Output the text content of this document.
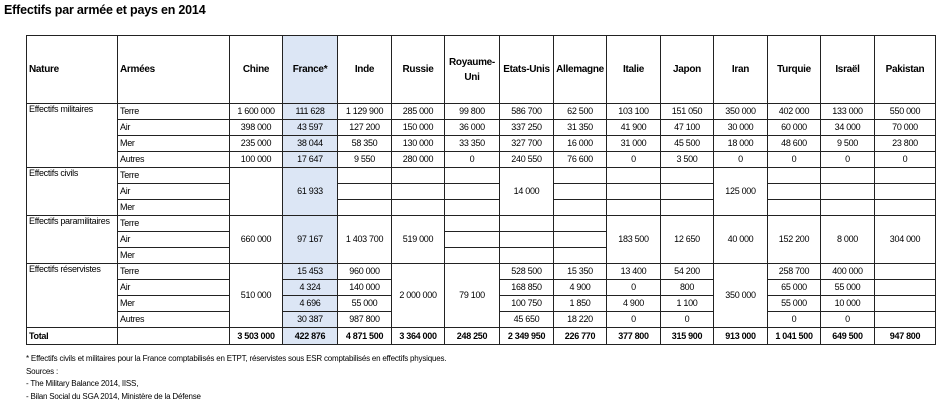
Effectifs par armée et pays en 2014
Nature	Armées	Chine	France*	Inde	Russie	Royaume-Uni	Etats-Unis	Allemagne	Italie	Japon	Iran	Turquie	Israël	Pakistan
Effectifs militaires	Terre	1 600 000	111 628	1 129 900	285 000	99 800	586 700	62 500	103 100	151 050	350 000	402 000	133 000	550 000
	Air	398 000	43 597	127 200	150 000	36 000	337 250	31 350	41 900	47 100	30 000	60 000	34 000	70 000
	Mer	235 000	38 044	58 350	130 000	33 350	327 700	16 000	31 000	45 500	18 000	48 600	9 500	23 800
	Autres	100 000	17 647	9 550	280 000	0	240 550	76 600	0	3 500	0	0	0	0
Effectifs civils	Terre		61 933				14 000				125 000			
	Air													
	Mer													
Effectifs paramilitaires	Terre	660 000	97 167	1 403 700	519 000				183 500	12 650	40 000	152 200	8 000	304 000
	Air													
	Mer													
Effectifs réservistes	Terre	510 000	15 453	960 000	2 000 000	79 100	528 500	15 350	13 400	54 200	350 000	258 700	400 000	
	Air		4 324	140 000			168 850	4 900	0	800		65 000	55 000	
	Mer		4 696	55 000			100 750	1 850	4 900	1 100		55 000	10 000	
	Autres		30 387	987 800			45 650	18 220	0	0		0	0	
Total		3 503 000	422 876	4 871 500	3 364 000	248 250	2 349 950	226 770	377 800	315 900	913 000	1 041 500	649 500	947 800
* Effectifs civils et militaires pour la France comptabilisés en ETPT, réservistes sous ESR comptabilisés en effectifs physiques.
Sources :
- The Military Balance 2014, IISS,
- Bilan Social du SGA 2014, Ministère de la Défense
